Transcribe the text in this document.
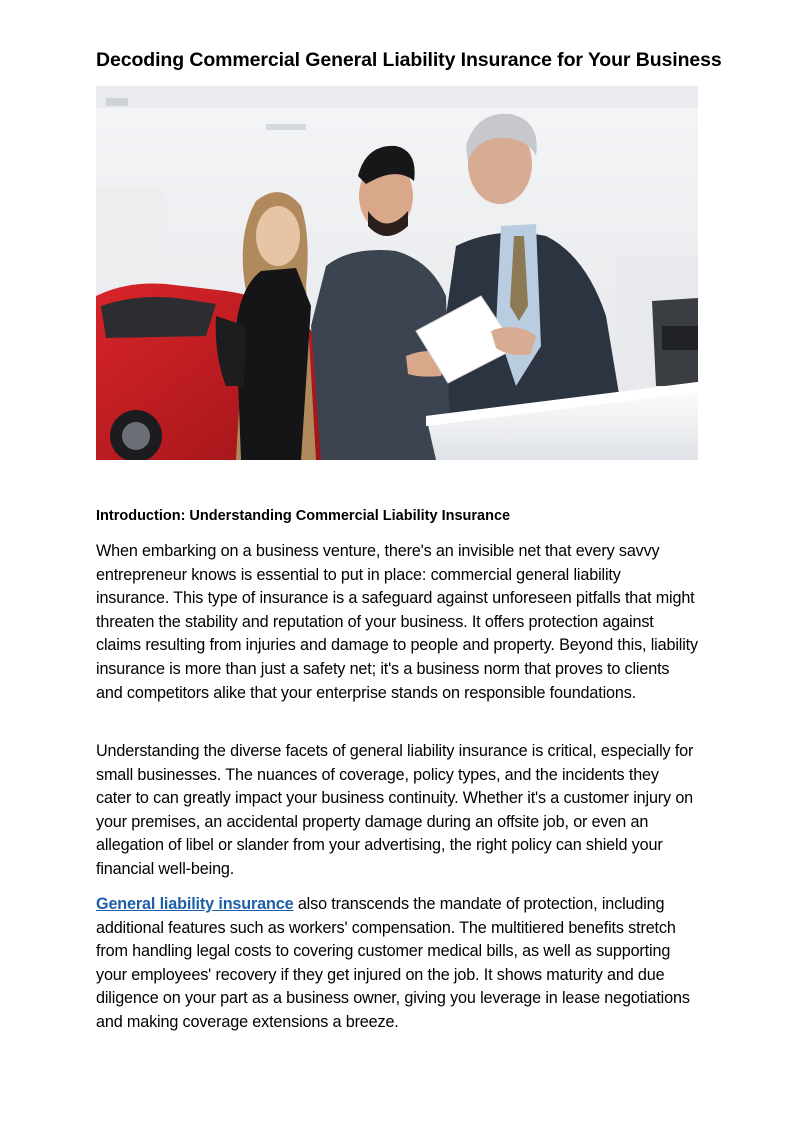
Decoding Commercial General Liability Insurance for Your Business
Introduction: Understanding Commercial Liability Insurance

When embarking on a business venture, there's an invisible net that every savvy entrepreneur knows is essential to put in place: commercial general liability insurance. This type of insurance is a safeguard against unforeseen pitfalls that might threaten the stability and reputation of your business. It offers protection against claims resulting from injuries and damage to people and property. Beyond this, liability insurance is more than just a safety net; it's a business norm that proves to clients and competitors alike that your enterprise stands on responsible foundations.

Understanding the diverse facets of general liability insurance is critical, especially for small businesses. The nuances of coverage, policy types, and the incidents they cater to can greatly impact your business continuity. Whether it's a customer injury on your premises, an accidental property damage during an offsite job, or even an allegation of libel or slander from your advertising, the right policy can shield your financial well-being.

General liability insurance also transcends the mandate of protection, including additional features such as workers' compensation. The multitiered benefits stretch from handling legal costs to covering customer medical bills, as well as supporting your employees' recovery if they get injured on the job. It shows maturity and due diligence on your part as a business owner, giving you leverage in lease negotiations and making coverage extensions a breeze.
